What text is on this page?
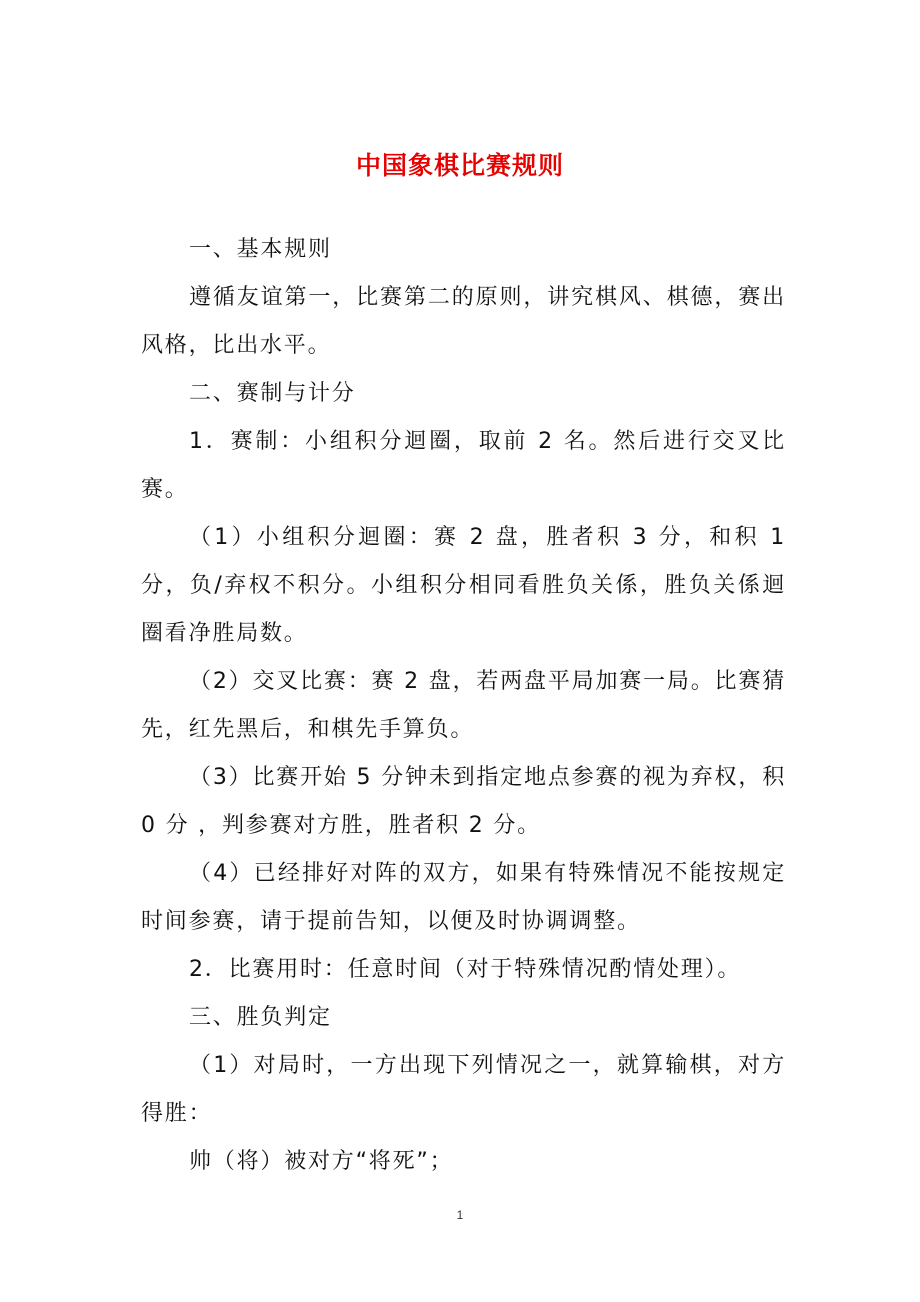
中国象棋比赛规则

一、基本规则

遵循友谊第一，比赛第二的原则，讲究棋风、棋德，赛出风格，比出水平。

二、赛制与计分

1．赛制：小组积分迴圈，取前 2 名。然后进行交叉比赛。

（1）小组积分迴圈：赛 2 盘，胜者积 3 分，和积 1 分，负/弃权不积分。小组积分相同看胜负关係，胜负关係迴圈看净胜局数。

（2）交叉比赛：赛 2 盘，若两盘平局加赛一局。比赛猜先，红先黑后，和棋先手算负。

（3）比赛开始 5 分钟未到指定地点参赛的视为弃权，积 0 分 ，判参赛对方胜，胜者积 2 分。

（4）已经排好对阵的双方，如果有特殊情况不能按规定时间参赛，请于提前告知，以便及时协调调整。

2．比赛用时：任意时间（对于特殊情况酌情处理）。

三、胜负判定

（1）对局时，一方出现下列情况之一，就算输棋，对方得胜：

帅（将）被对方“将死”；

1
